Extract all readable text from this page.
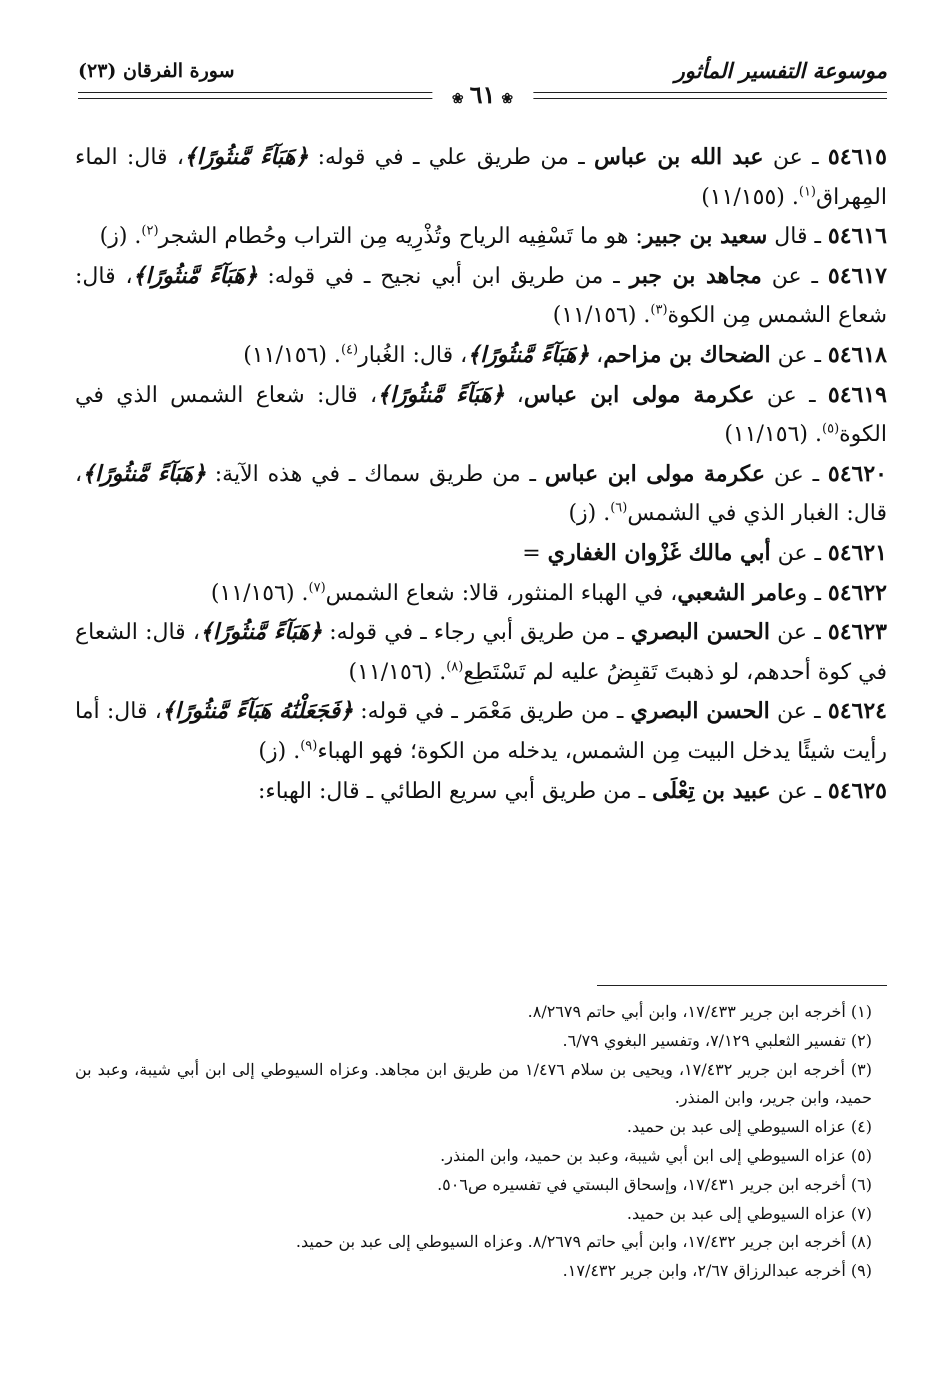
سورة الفرقان (٢٣)	موسوعة التفسير المأثور
❀٦١❀

٥٤٦١٥ ـ عن عبد الله بن عباس ـ من طريق علي ـ في قوله: ﴿هَبَآءً مَّنثُورًا﴾، قال: الماء المِهراق$^{(١)}$. (١١/١٥٥)

٥٤٦١٦ ـ قال سعيد بن جبير: هو ما تَسْفِيه الرياح وتُذْرِيه مِن التراب وحُطام الشجر$^{(٢)}$. (ز)

٥٤٦١٧ ـ عن مجاهد بن جبر ـ من طريق ابن أبي نجيح ـ في قوله: ﴿هَبَآءً مَّنثُورًا﴾، قال: شعاع الشمس مِن الكوة$^{(٣)}$. (١١/١٥٦)

٥٤٦١٨ ـ عن الضحاك بن مزاحم، ﴿هَبَآءً مَّنثُورًا﴾، قال: الغُبار$^{(٤)}$. (١١/١٥٦)

٥٤٦١٩ ـ عن عكرمة مولى ابن عباس، ﴿هَبَآءً مَّنثُورًا﴾، قال: شعاع الشمس الذي في الكوة$^{(٥)}$. (١١/١٥٦)

٥٤٦٢٠ ـ عن عكرمة مولى ابن عباس ـ من طريق سماك ـ في هذه الآية: ﴿هَبَآءً مَّنثُورًا﴾، قال: الغبار الذي في الشمس$^{(٦)}$. (ز)

٥٤٦٢١ ـ عن أبي مالك غَزْوان الغفاري =

٥٤٦٢٢ ـ وعامر الشعبي، في الهباء المنثور، قالا: شعاع الشمس$^{(٧)}$. (١١/١٥٦)

٥٤٦٢٣ ـ عن الحسن البصري ـ من طريق أبي رجاء ـ في قوله: ﴿هَبَآءً مَّنثُورًا﴾، قال: الشعاع في كوة أحدهم، لو ذهبتَ تَقبِضُ عليه لم تَسْتَطِع$^{(٨)}$. (١١/١٥٦)

٥٤٦٢٤ ـ عن الحسن البصري ـ من طريق مَعْمَر ـ في قوله: ﴿فَجَعَلْنَٰهُ هَبَآءً مَّنثُورًا﴾، قال: أما رأيت شيئًا يدخل البيت مِن الشمس، يدخله من الكوة؛ فهو الهباء$^{(٩)}$. (ز)

٥٤٦٢٥ ـ عن عبيد بن تِعْلَى ـ من طريق أبي سريع الطائي ـ قال: الهباء:

(١) أخرجه ابن جرير ١٧/٤٣٣، وابن أبي حاتم ٨/٢٦٧٩.

(٢) تفسير الثعلبي ٧/١٢٩، وتفسير البغوي ٦/٧٩.

(٣) أخرجه ابن جرير ١٧/٤٣٢، ويحيى بن سلام ١/٤٧٦ من طريق ابن مجاهد. وعزاه السيوطي إلى ابن أبي شيبة، وعبد بن حميد، وابن جرير، وابن المنذر.

(٤) عزاه السيوطي إلى عبد بن حميد.

(٥) عزاه السيوطي إلى ابن أبي شيبة، وعبد بن حميد، وابن المنذر.

(٦) أخرجه ابن جرير ١٧/٤٣١، وإسحاق البستي في تفسيره ص٥٠٦.

(٧) عزاه السيوطي إلى عبد بن حميد.

(٨) أخرجه ابن جرير ١٧/٤٣٢، وابن أبي حاتم ٨/٢٦٧٩. وعزاه السيوطي إلى عبد بن حميد.

(٩) أخرجه عبدالرزاق ٢/٦٧، وابن جرير ١٧/٤٣٢.
